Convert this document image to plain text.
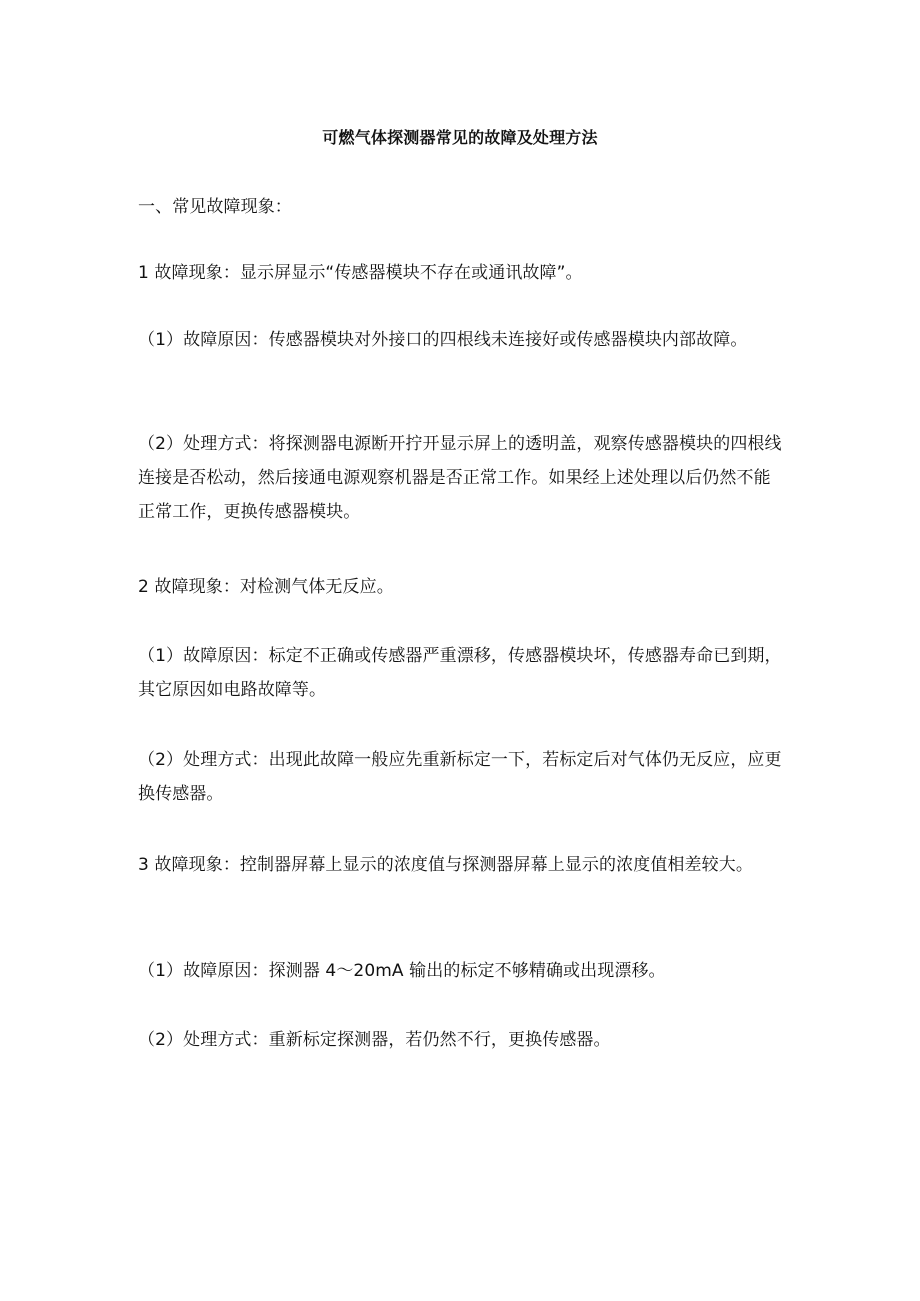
可燃气体探测器常见的故障及处理方法

一、常见故障现象：

1 故障现象：显示屏显示“传感器模块不存在或通讯故障”。

（1）故障原因：传感器模块对外接口的四根线未连接好或传感器模块内部故障。

（2）处理方式：将探测器电源断开拧开显示屏上的透明盖，观察传感器模块的四根线连接是否松动，然后接通电源观察机器是否正常工作。如果经上述处理以后仍然不能正常工作，更换传感器模块。

2 故障现象：对检测气体无反应。

（1）故障原因：标定不正确或传感器严重漂移，传感器模块坏，传感器寿命已到期，其它原因如电路故障等。

（2）处理方式：出现此故障一般应先重新标定一下，若标定后对气体仍无反应，应更换传感器。

3 故障现象：控制器屏幕上显示的浓度值与探测器屏幕上显示的浓度值相差较大。

（1）故障原因：探测器 4～20mA 输出的标定不够精确或出现漂移。

（2）处理方式：重新标定探测器，若仍然不行，更换传感器。
